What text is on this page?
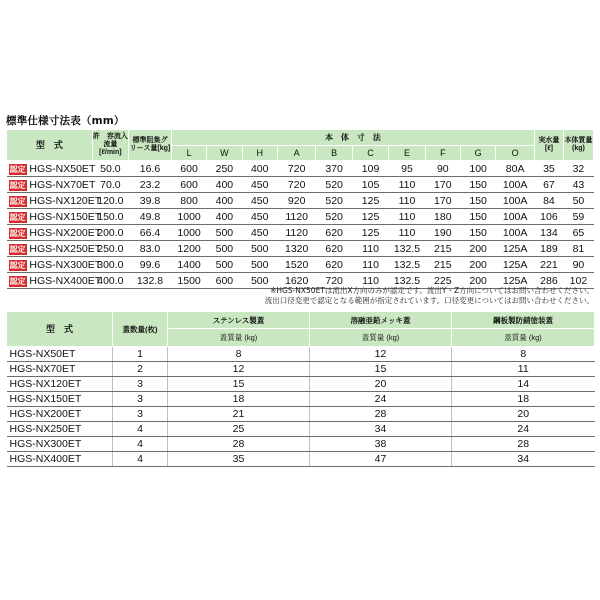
標準仕様寸法表（mm）
型　式	許　容流入流量[ℓ/min]	標準阻集グリース量[kg]	本　体　寸　法										実水量[ℓ]	本体質量(kg)
			L	W	H	A	B	C	E	F	G	O		
認定 HGS-NX50ET	50.0	16.6	600	250	400	720	370	109	95	90	100	80A	35	32
認定 HGS-NX70ET	70.0	23.2	600	400	450	720	520	105	110	170	150	100A	67	43
認定 HGS-NX120ET	120.0	39.8	800	400	450	920	520	125	110	170	150	100A	84	50
認定 HGS-NX150ET	150.0	49.8	1000	400	450	1120	520	125	110	180	150	100A	106	59
認定 HGS-NX200ET	200.0	66.4	1000	500	450	1120	620	125	110	190	150	100A	134	65
認定 HGS-NX250ET	250.0	83.0	1200	500	500	1320	620	110	132.5	215	200	125A	189	81
認定 HGS-NX300ET	300.0	99.6	1400	500	500	1520	620	110	132.5	215	200	125A	221	90
認定 HGS-NX400ET	400.0	132.8	1500	600	500	1620	720	110	132.5	225	200	125A	286	102
※HGS-NX50ETは流出X方向のみが認定です。流出Y・Z方向についてはお問い合わせください。
流出口径変更で認定となる範囲が指定されています。口径変更についてはお問い合わせください。
型　式	蓋数量(枚)	ステンレス製蓋	溶融亜鉛メッキ蓋	鋼板製防錆塗装蓋
		蓋質量 (kg)	蓋質量 (kg)	蓋質量 (kg)
HGS-NX50ET	1	8	12	8
HGS-NX70ET	2	12	15	11
HGS-NX120ET	3	15	20	14
HGS-NX150ET	3	18	24	18
HGS-NX200ET	3	21	28	20
HGS-NX250ET	4	25	34	24
HGS-NX300ET	4	28	38	28
HGS-NX400ET	4	35	47	34
